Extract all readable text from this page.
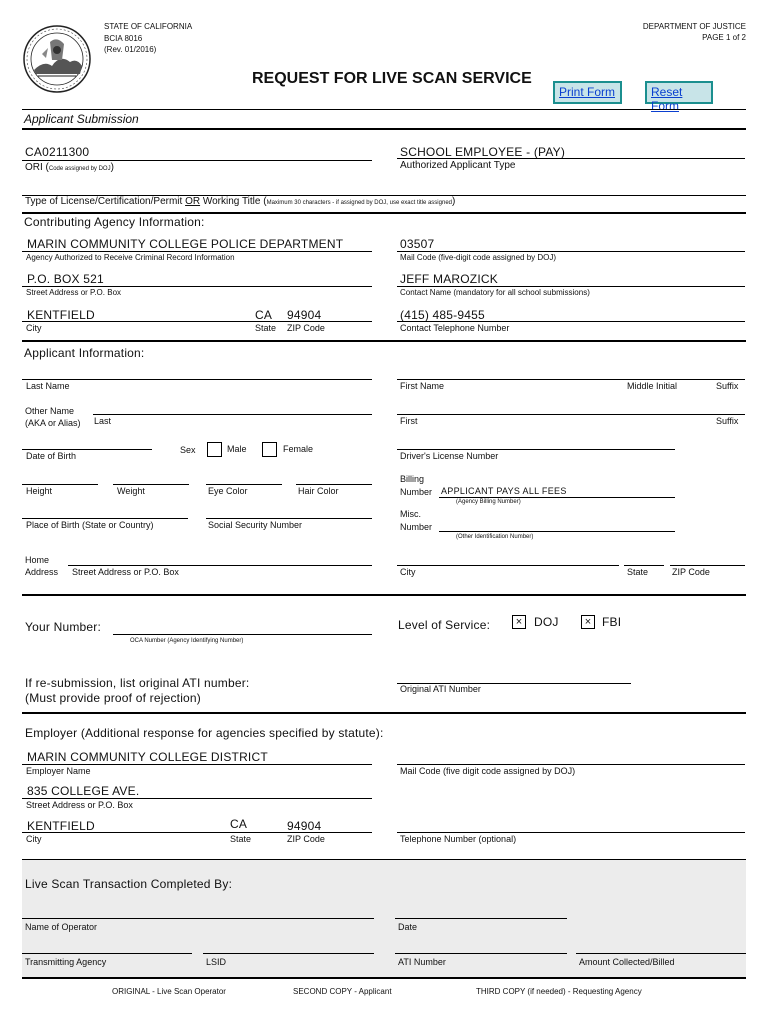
STATE OF CALIFORNIA
BCIA 8016
(Rev. 01/2016)
DEPARTMENT OF JUSTICE
PAGE 1 of 2
REQUEST FOR LIVE SCAN SERVICE
Print Form	Reset Form
Applicant Submission
CA0211300
ORI (Code assigned by DOJ)
SCHOOL EMPLOYEE - (PAY)
Authorized Applicant Type
Type of License/Certification/Permit OR Working Title (Maximum 30 characters - if assigned by DOJ, use exact title assigned)
Contributing Agency Information:
MARIN COMMUNITY COLLEGE POLICE DEPARTMENT
Agency Authorized to Receive Criminal Record Information
03507
Mail Code (five-digit code assigned by DOJ)
P.O. BOX 521
Street Address or P.O. Box
JEFF MAROZICK
Contact Name (mandatory for all school submissions)
KENTFIELD	CA 94904
City	State ZIP Code
(415) 485-9455
Contact Telephone Number
Applicant Information:
Last Name	First Name	Middle Initial	Suffix
Other Name
(AKA or Alias) Last	First	Suffix
Date of Birth
Sex	Male	Female
Driver's License Number
Height	Weight	Eye Color	Hair Color
Billing
Number APPLICANT PAYS ALL FEES
(Agency Billing Number)
Place of Birth (State or Country)	Social Security Number
Misc.
Number
(Other Identification Number)
Home
Address Street Address or P.O. Box	City	State	ZIP Code
Your Number:
OCA Number (Agency Identifying Number)
Level of Service:	× DOJ	× FBI
If re-submission, list original ATI number:
(Must provide proof of rejection)
Original ATI Number
Employer (Additional response for agencies specified by statute):
MARIN COMMUNITY COLLEGE DISTRICT
Employer Name	Mail Code (five digit code assigned by DOJ)
835 COLLEGE AVE.
Street Address or P.O. Box
KENTFIELD	CA	94904
City	State	ZIP Code	Telephone Number (optional)
Live Scan Transaction Completed By:
Name of Operator	Date
Transmitting Agency	LSID	ATI Number	Amount Collected/Billed
ORIGINAL - Live Scan Operator	SECOND COPY - Applicant	THIRD COPY (if needed) - Requesting Agency
